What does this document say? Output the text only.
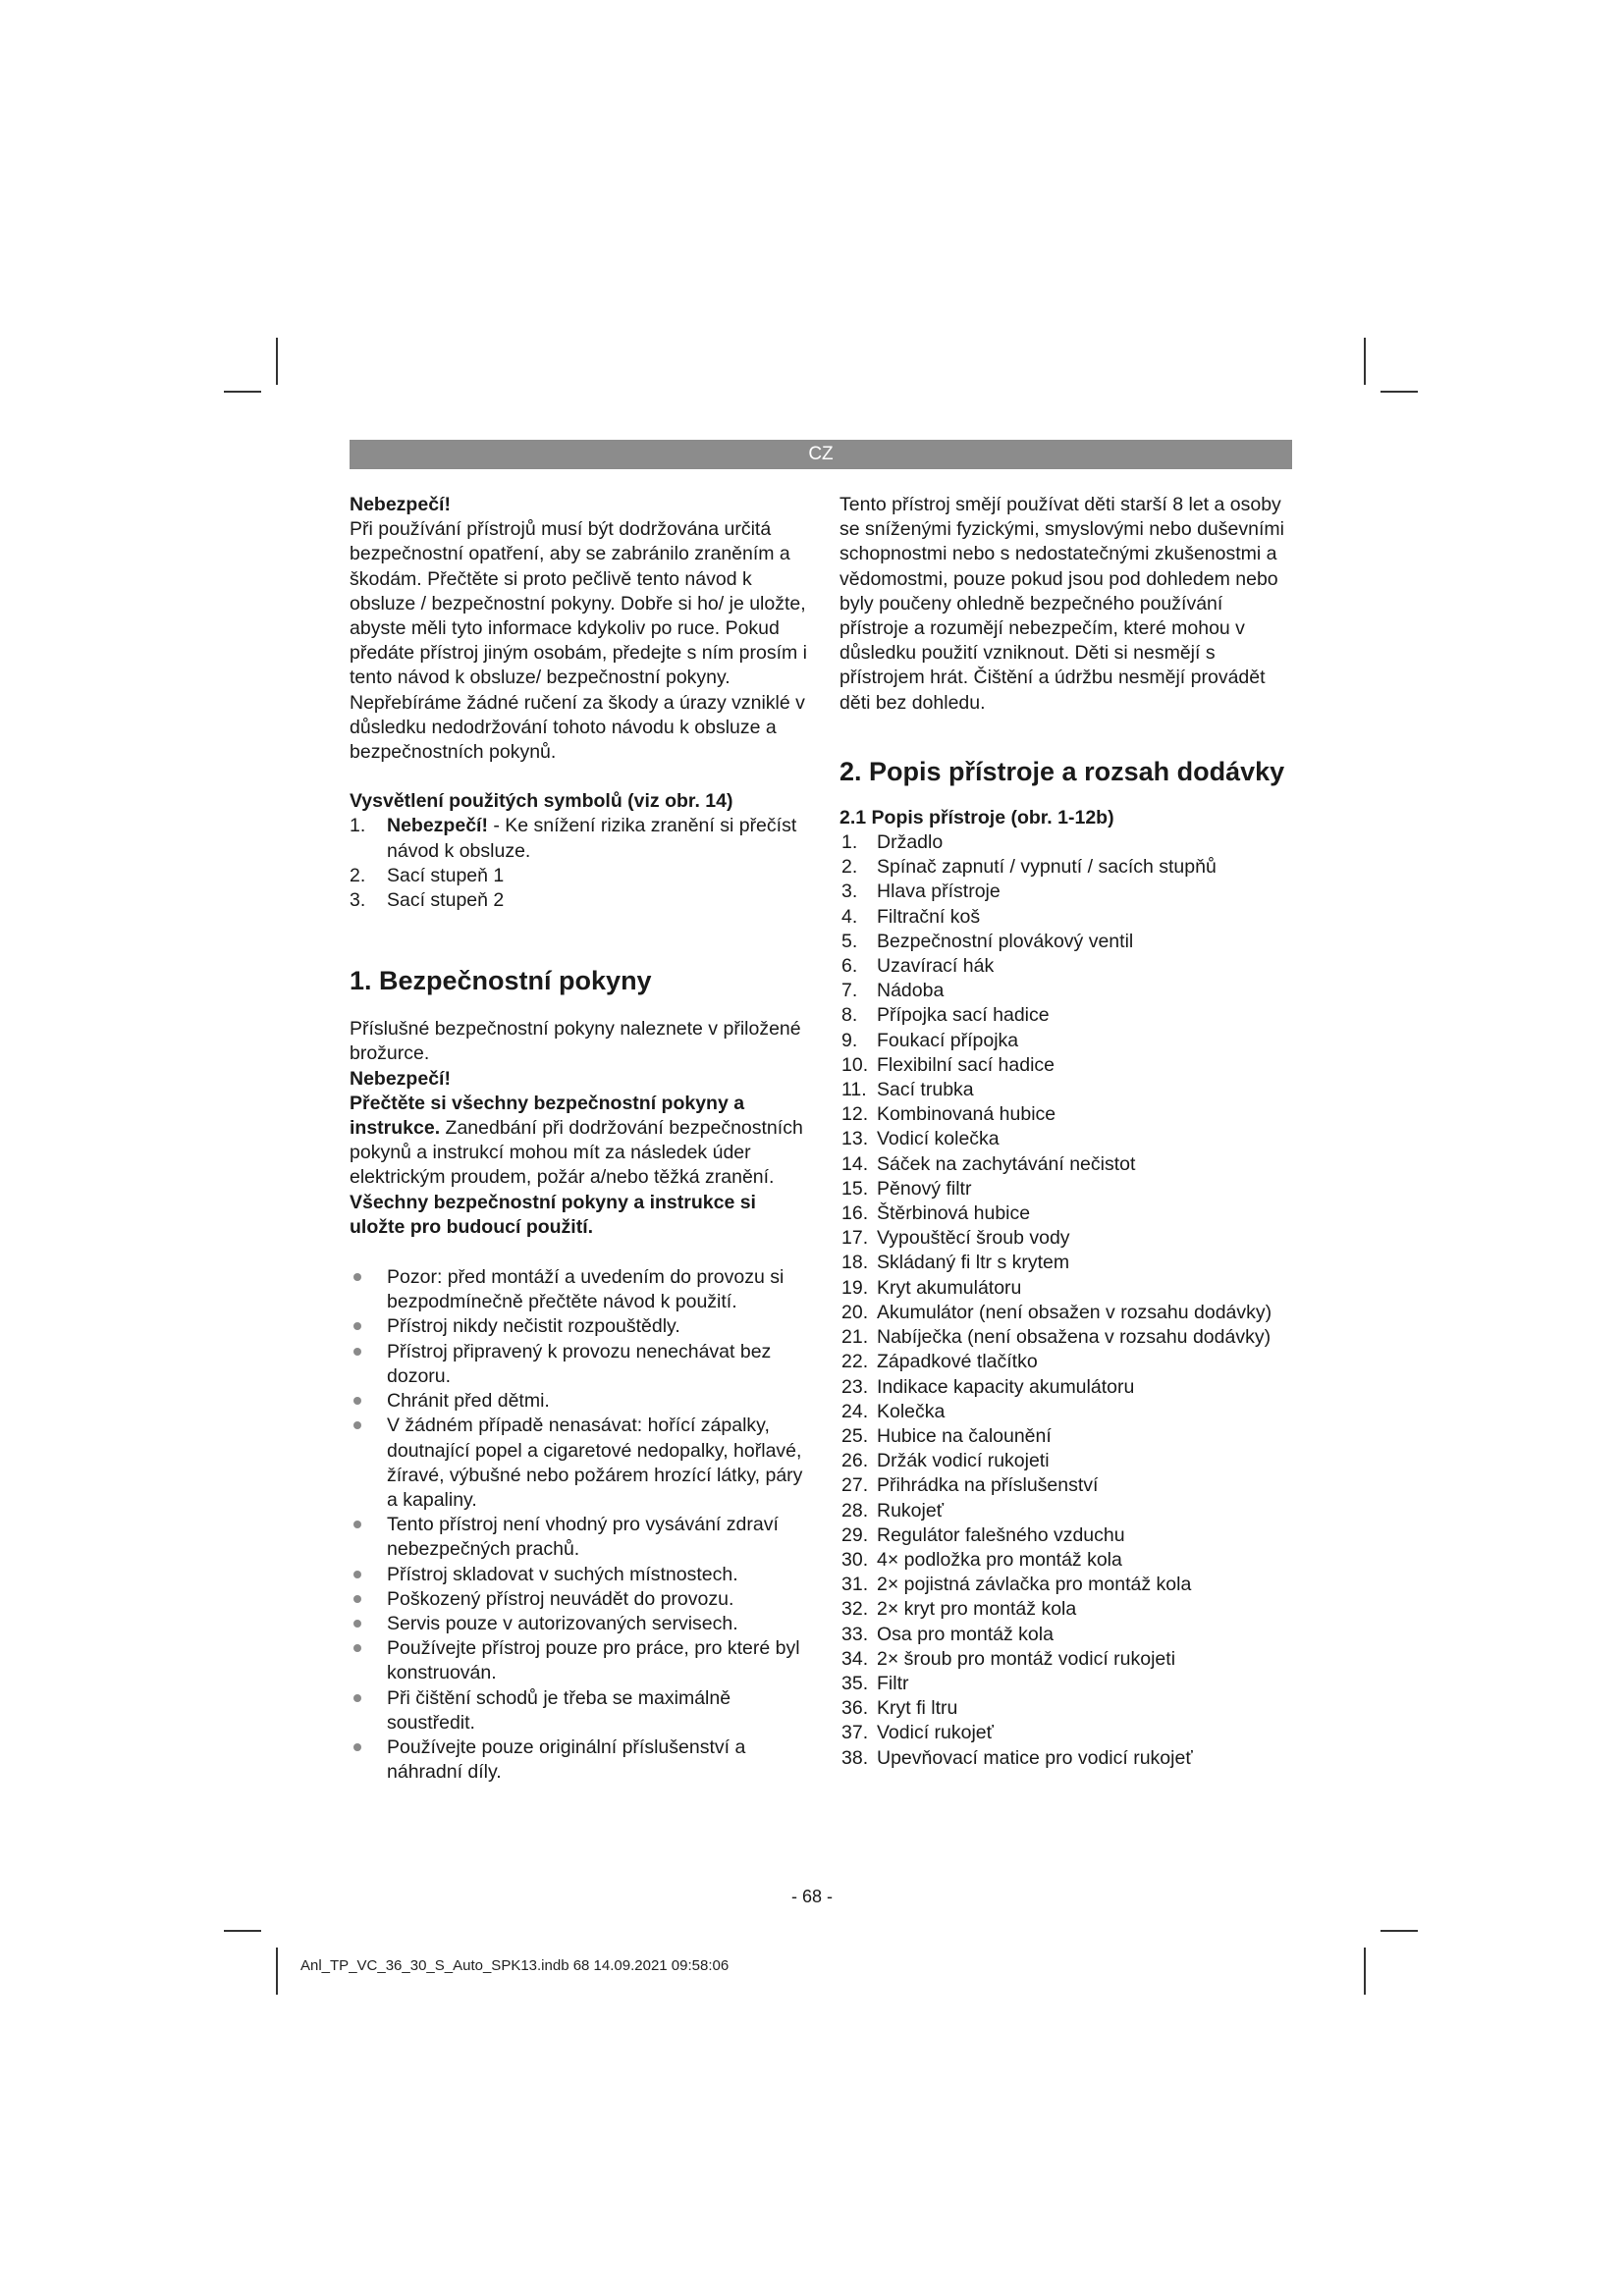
CZ

Nebezpečí!

Při používání přístrojů musí být dodržována určitá bezpečnostní opatření, aby se zabránilo zraněním a škodám. Přečtěte si proto pečlivě tento návod k obsluze / bezpečnostní pokyny. Dobře si ho/ je uložte, abyste měli tyto informace kdykoliv po ruce. Pokud předáte přístroj jiným osobám, předejte s ním prosím i tento návod k obsluze/ bezpečnostní pokyny. Nepřebíráme žádné ručení za škody a úrazy vzniklé v důsledku nedodržování tohoto návodu k obsluze a bezpečnostních pokynů.

Vysvětlení použitých symbolů (viz obr. 14)

1. Nebezpečí! - Ke snížení rizika zranění si přečíst návod k obsluze.
2. Sací stupeň 1
3. Sací stupeň 2

1. Bezpečnostní pokyny

Příslušné bezpečnostní pokyny naleznete v přiložené brožurce.

Nebezpečí!

Přečtěte si všechny bezpečnostní pokyny a instrukce. Zanedbání při dodržování bezpečnostních pokynů a instrukcí mohou mít za následek úder elektrickým proudem, požár a/nebo těžká zranění. Všechny bezpečnostní pokyny a instrukce si uložte pro budoucí použití.

Pozor: před montáží a uvedením do provozu si bezpodmínečně přečtěte návod k použití.
Přístroj nikdy nečistit rozpouštědly.
Přístroj připravený k provozu nenechávat bez dozoru.
Chránit před dětmi.
V žádném případě nenasávat: hořící zápalky, doutnající popel a cigaretové nedopalky, hořlavé, žíravé, výbušné nebo požárem hrozící látky, páry a kapaliny.
Tento přístroj není vhodný pro vysávání zdraví nebezpečných prachů.
Přístroj skladovat v suchých místnostech.
Poškozený přístroj neuvádět do provozu.
Servis pouze v autorizovaných servisech.
Používejte přístroj pouze pro práce, pro které byl konstruován.
Při čištění schodů je třeba se maximálně soustředit.
Používejte pouze originální příslušenství a náhradní díly.

Tento přístroj smějí používat děti starší 8 let a osoby se sníženými fyzickými, smyslovými nebo duševními schopnostmi nebo s nedostatečnými zkušenostmi a vědomostmi, pouze pokud jsou pod dohledem nebo byly poučeny ohledně bezpečného používání přístroje a rozumějí nebezpečím, které mohou v důsledku použití vzniknout. Děti si nesmějí s přístrojem hrát. Čištění a údržbu nesmějí provádět děti bez dohledu.

2. Popis přístroje a rozsah dodávky

2.1 Popis přístroje (obr. 1-12b)

1. Držadlo
2. Spínač zapnutí / vypnutí / sacích stupňů
3. Hlava přístroje
4. Filtrační koš
5. Bezpečnostní plovákový ventil
6. Uzavírací hák
7. Nádoba
8. Přípojka sací hadice
9. Foukací přípojka
10. Flexibilní sací hadice
11. Sací trubka
12. Kombinovaná hubice
13. Vodicí kolečka
14. Sáček na zachytávání nečistot
15. Pěnový filtr
16. Štěrbinová hubice
17. Vypouštěcí šroub vody
18. Skládaný fi ltr s krytem
19. Kryt akumulátoru
20. Akumulátor (není obsažen v rozsahu dodávky)
21. Nabíječka (není obsažena v rozsahu dodávky)
22. Západkové tlačítko
23. Indikace kapacity akumulátoru
24. Kolečka
25. Hubice na čalounění
26. Držák vodicí rukojeti
27. Přihrádka na příslušenství
28. Rukojeť
29. Regulátor falešného vzduchu
30. 4× podložka pro montáž kola
31. 2× pojistná závlačka pro montáž kola
32. 2× kryt pro montáž kola
33. Osa pro montáž kola
34. 2× šroub pro montáž vodicí rukojeti
35. Filtr
36. Kryt fi ltru
37. Vodicí rukojeť
38. Upevňovací matice pro vodicí rukojeť
- 68 -
Anl_TP_VC_36_30_S_Auto_SPK13.indb 68 14.09.2021 09:58:06
